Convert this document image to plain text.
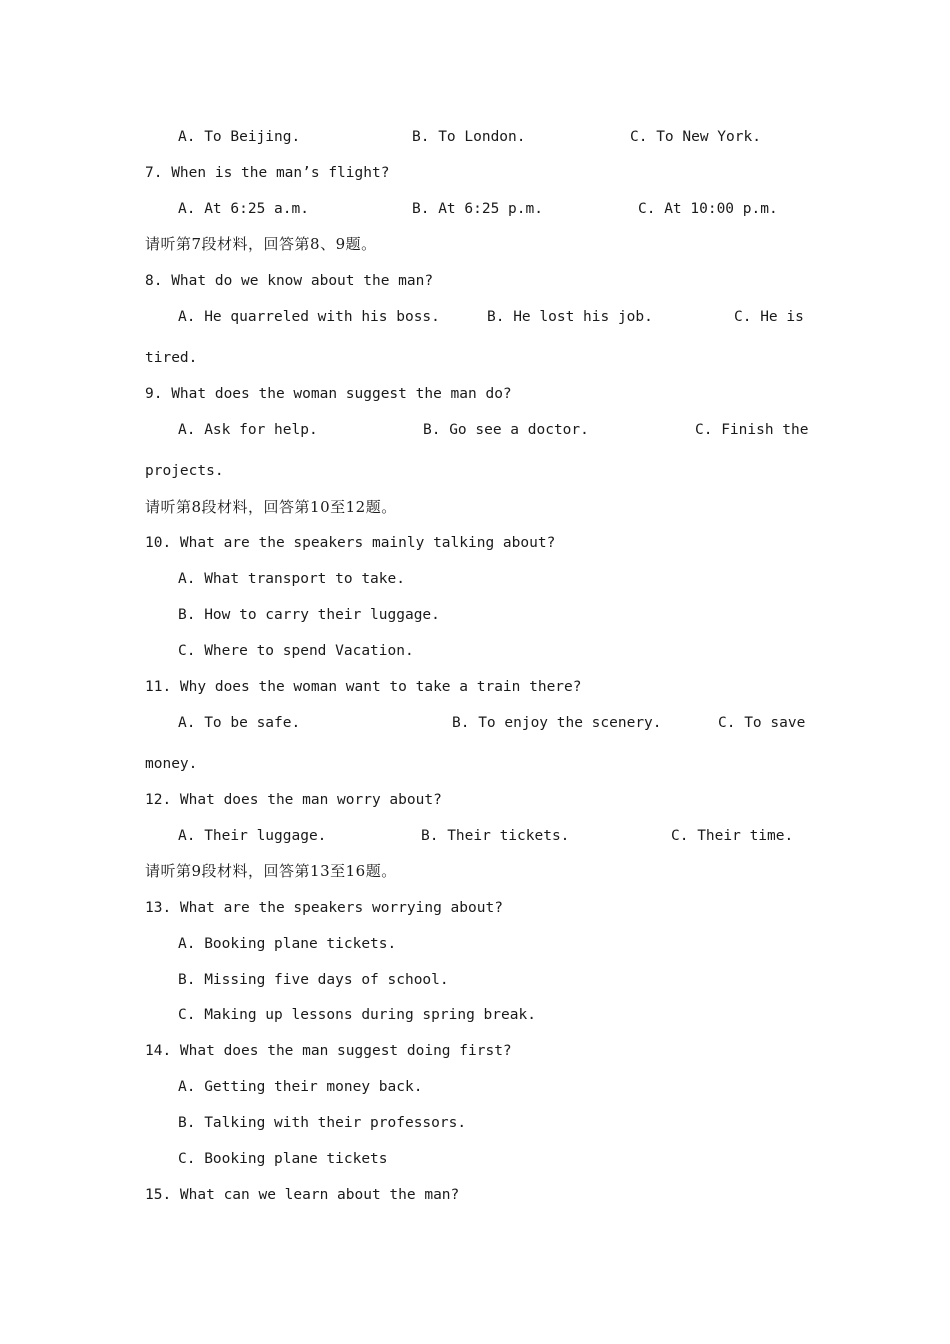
A. To Beijing.	B. To London.	C. To New York.
7. When is the man’s flight?
A. At 6:25 a.m.	B. At 6:25 p.m.	C. At 10:00 p.m.
请听第7段材料，回答第8、9题。
8. What do we know about the man?
A. He quarreled with his boss.	B. He lost his job.	C. He is
tired.
9. What does the woman suggest the man do?
A. Ask for help.	B. Go see a doctor.	C. Finish the
projects.
请听第8段材料，回答第10至12题。
10. What are the speakers mainly talking about?
A. What transport to take.
B. How to carry their luggage.
C. Where to spend Vacation.
11. Why does the woman want to take a train there?
A. To be safe.	B. To enjoy the scenery.	C. To save
money.
12. What does the man worry about?
A. Their luggage.	B. Their tickets.	C. Their time.
请听第9段材料，回答第13至16题。
13. What are the speakers worrying about?
A. Booking plane tickets.
B. Missing five days of school.
C. Making up lessons during spring break.
14. What does the man suggest doing first?
A. Getting their money back.
B. Talking with their professors.
C. Booking plane tickets
15. What can we learn about the man?
